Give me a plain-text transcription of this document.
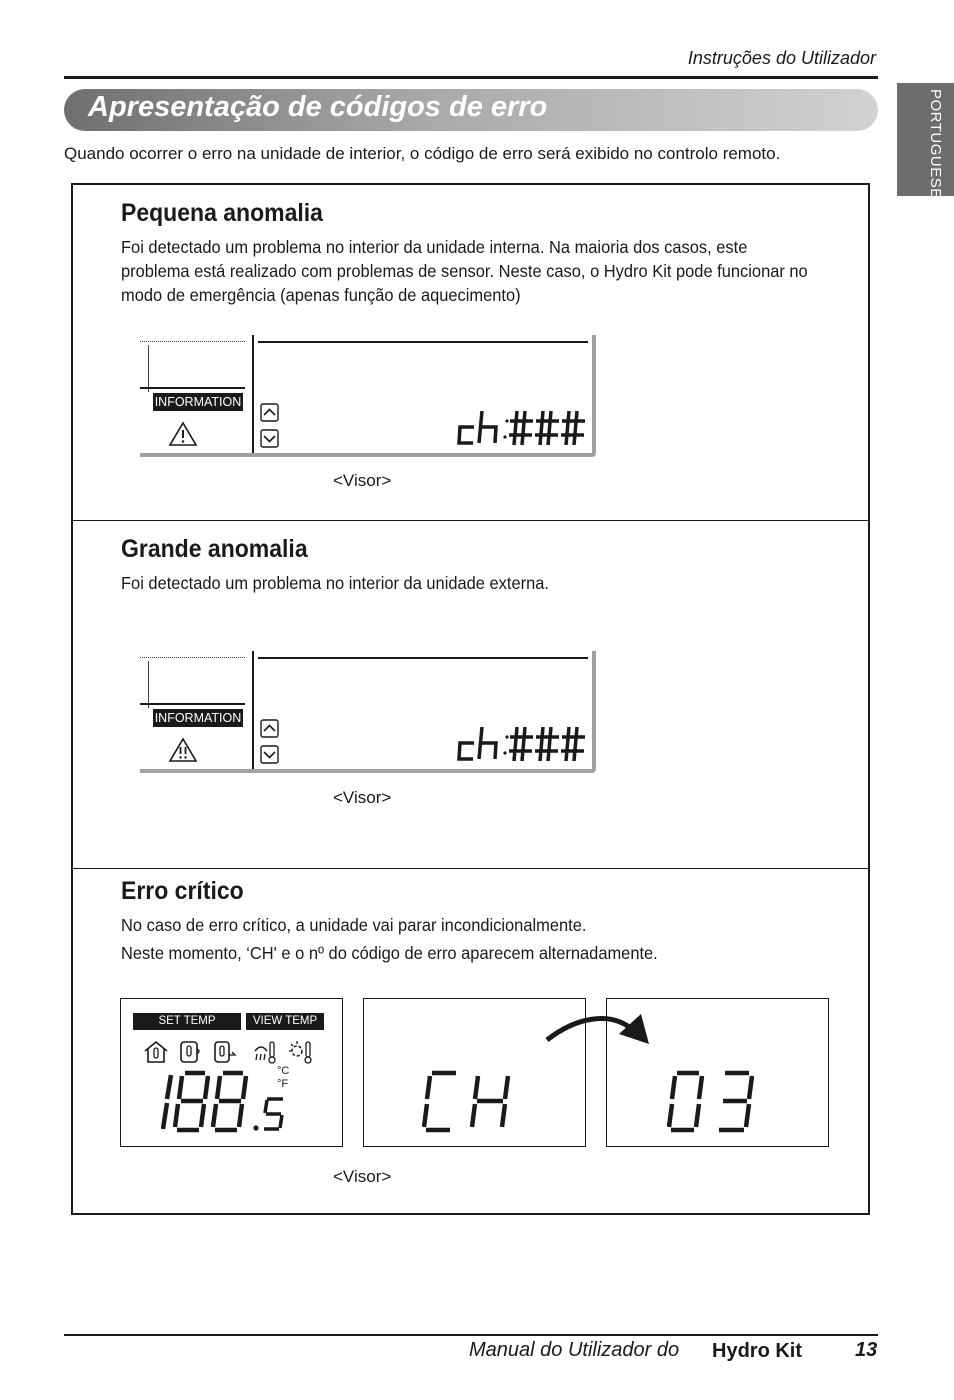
Instruções do Utilizador
Apresentação de códigos de erro	PORTUGUESE
Quando ocorrer o erro na unidade de interior, o código de erro será exibido no controlo remoto.
Pequena anomalia
Foi detectado um problema no interior da unidade interna. Na maioria dos casos, este problema está realizado com problemas de sensor. Neste caso, o Hydro Kit pode funcionar no modo de emergência (apenas função de aquecimento)
INFORMATION
<Visor>
Grande anomalia
Foi detectado um problema no interior da unidade externa.
INFORMATION
<Visor>
Erro crítico
No caso de erro crítico, a unidade vai parar incondicionalmente.
Neste momento, ‘CH' e o nº do código de erro aparecem alternadamente.
SET TEMP	VIEW TEMP
°C
°F
<Visor>
Manual do Utilizador do Hydro Kit	13
